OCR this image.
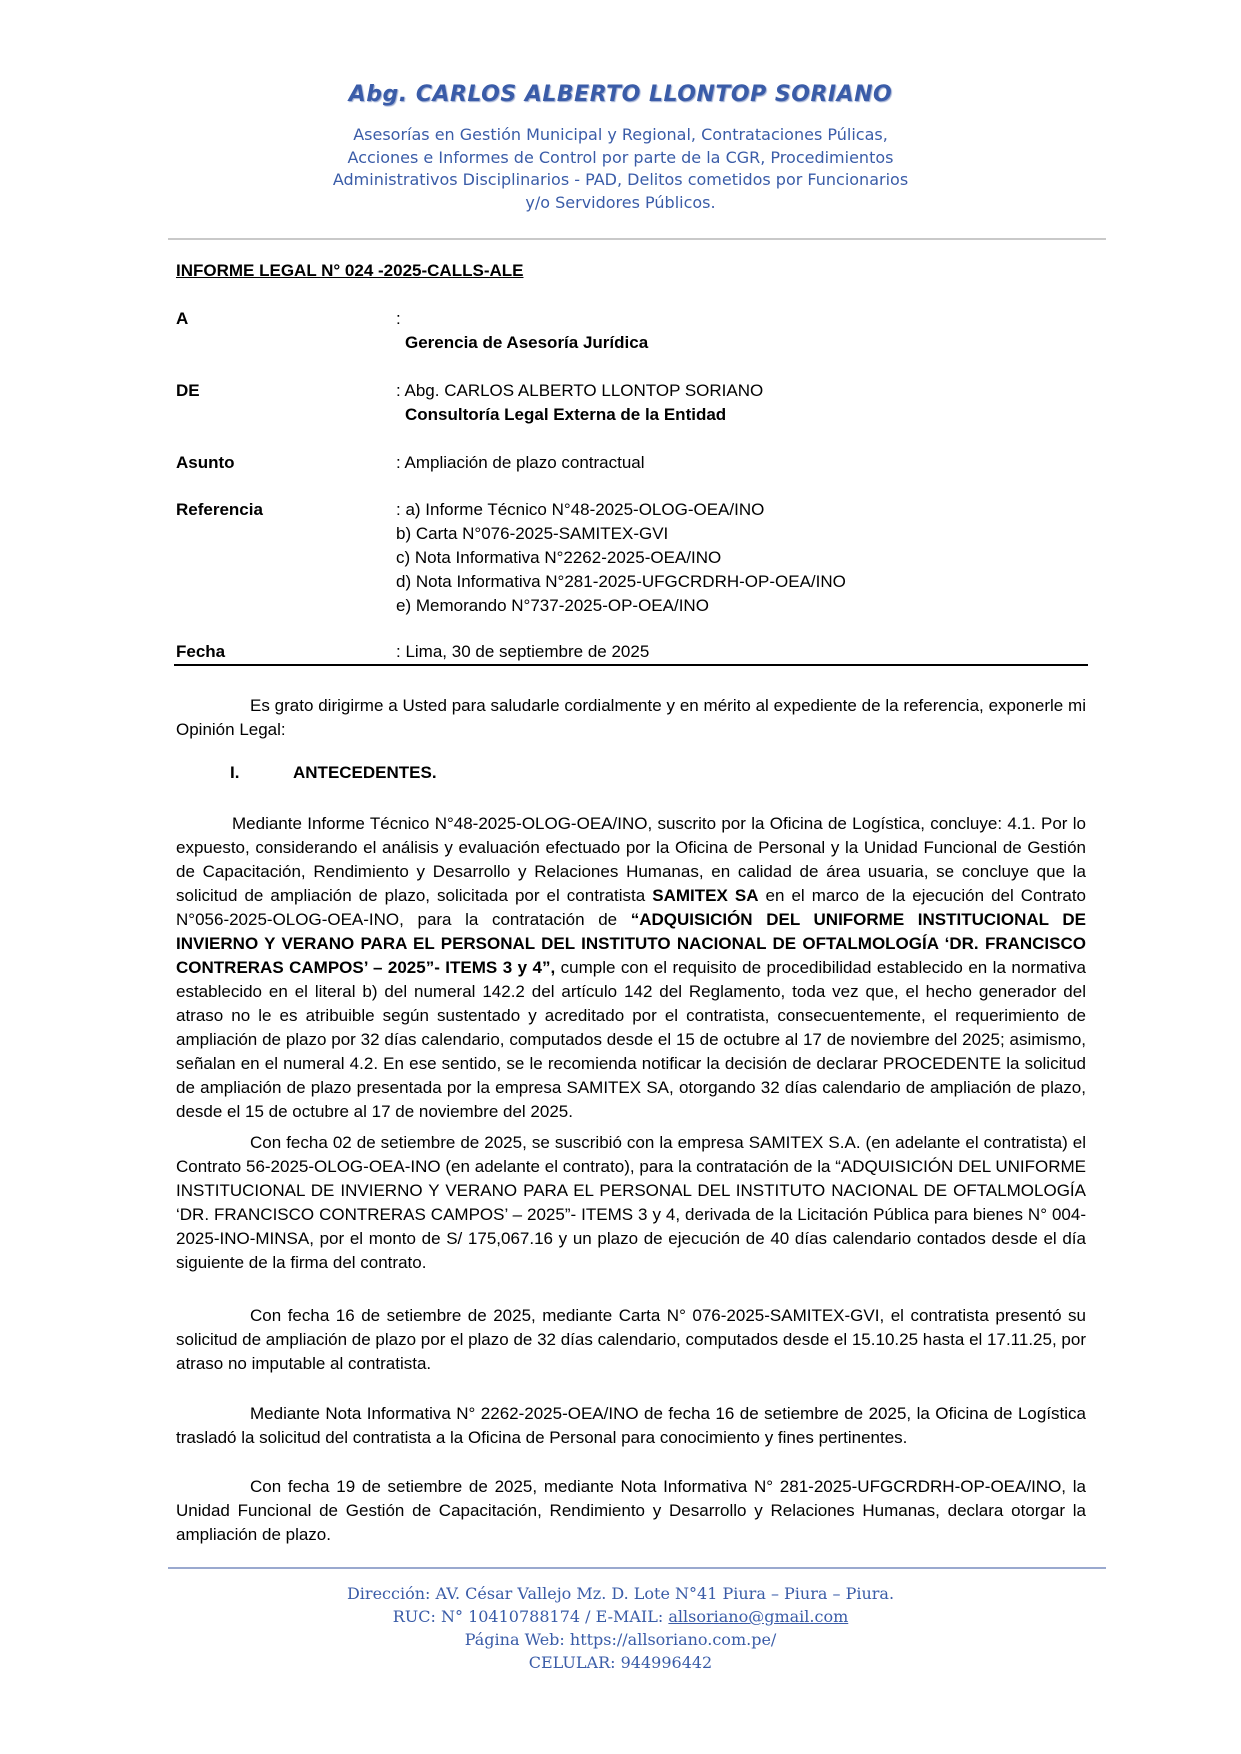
Abg. CARLOS ALBERTO LLONTOP SORIANO
Asesorías en Gestión Municipal y Regional, Contrataciones Púlicas,
Acciones e Informes de Control por parte de la CGR, Procedimientos
Administrativos Disciplinarios - PAD, Delitos cometidos por Funcionarios
y/o Servidores Públicos.
INFORME LEGAL N° 024 -2025-CALLS-ALE
A	:
Gerencia de Asesoría Jurídica
DE	: Abg. CARLOS ALBERTO LLONTOP SORIANO
Consultoría Legal Externa de la Entidad
Asunto	: Ampliación de plazo contractual
Referencia	: a) Informe Técnico N°48-2025-OLOG-OEA/INO
b) Carta N°076-2025-SAMITEX-GVI
c) Nota Informativa N°2262-2025-OEA/INO
d) Nota Informativa N°281-2025-UFGCRDRH-OP-OEA/INO
e) Memorando N°737-2025-OP-OEA/INO
Fecha	: Lima, 30 de septiembre de 2025

Es grato dirigirme a Usted para saludarle cordialmente y en mérito al expediente de la referencia, exponerle mi Opinión Legal:

I.	ANTECEDENTES.

Mediante Informe Técnico N°48-2025-OLOG-OEA/INO, suscrito por la Oficina de Logística, concluye: 4.1. Por lo expuesto, considerando el análisis y evaluación efectuado por la Oficina de Personal y la Unidad Funcional de Gestión de Capacitación, Rendimiento y Desarrollo y Relaciones Humanas, en calidad de área usuaria, se concluye que la solicitud de ampliación de plazo, solicitada por el contratista SAMITEX SA en el marco de la ejecución del Contrato N°056-2025-OLOG-OEA-INO, para la contratación de “ADQUISICIÓN DEL UNIFORME INSTITUCIONAL DE INVIERNO Y VERANO PARA EL PERSONAL DEL INSTITUTO NACIONAL DE OFTALMOLOGÍA ‘DR. FRANCISCO CONTRERAS CAMPOS’ – 2025”- ITEMS 3 y 4”, cumple con el requisito de procedibilidad establecido en la normativa establecido en el literal b) del numeral 142.2 del artículo 142 del Reglamento, toda vez que, el hecho generador del atraso no le es atribuible según sustentado y acreditado por el contratista, consecuentemente, el requerimiento de ampliación de plazo por 32 días calendario, computados desde el 15 de octubre al 17 de noviembre del 2025; asimismo, señalan en el numeral 4.2. En ese sentido, se le recomienda notificar la decisión de declarar PROCEDENTE la solicitud de ampliación de plazo presentada por la empresa SAMITEX SA, otorgando 32 días calendario de ampliación de plazo, desde el 15 de octubre al 17 de noviembre del 2025.

Con fecha 02 de setiembre de 2025, se suscribió con la empresa SAMITEX S.A. (en adelante el contratista) el Contrato 56-2025-OLOG-OEA-INO (en adelante el contrato), para la contratación de la “ADQUISICIÓN DEL UNIFORME INSTITUCIONAL DE INVIERNO Y VERANO PARA EL PERSONAL DEL INSTITUTO NACIONAL DE OFTALMOLOGÍA ‘DR. FRANCISCO CONTRERAS CAMPOS’ – 2025”- ITEMS 3 y 4, derivada de la Licitación Pública para bienes N° 004-2025-INO-MINSA, por el monto de S/ 175,067.16 y un plazo de ejecución de 40 días calendario contados desde el día siguiente de la firma del contrato.

Con fecha 16 de setiembre de 2025, mediante Carta N° 076-2025-SAMITEX-GVI, el contratista presentó su solicitud de ampliación de plazo por el plazo de 32 días calendario, computados desde el 15.10.25 hasta el 17.11.25, por atraso no imputable al contratista.

Mediante Nota Informativa N° 2262-2025-OEA/INO de fecha 16 de setiembre de 2025, la Oficina de Logística trasladó la solicitud del contratista a la Oficina de Personal para conocimiento y fines pertinentes.

Con fecha 19 de setiembre de 2025, mediante Nota Informativa N° 281-2025-UFGCRDRH-OP-OEA/INO, la Unidad Funcional de Gestión de Capacitación, Rendimiento y Desarrollo y Relaciones Humanas, declara otorgar la ampliación de plazo.

Dirección: AV. César Vallejo Mz. D. Lote N°41 Piura – Piura – Piura.
RUC: N° 10410788174 / E-MAIL: allsoriano@gmail.com
Página Web: https://allsoriano.com.pe/
CELULAR: 944996442
